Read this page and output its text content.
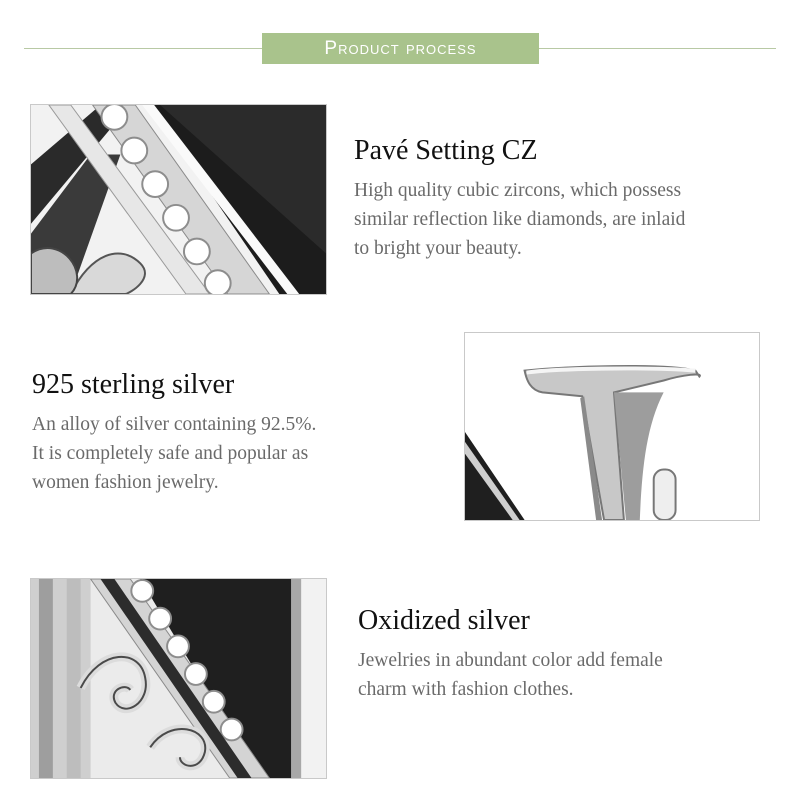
Product process
Pavé Setting CZ

High quality cubic zircons, which possess

similar reflection like diamonds, are inlaid

to bright your beauty.

925 sterling silver

An alloy of silver containing 92.5%.

It is completely safe and popular as

women fashion jewelry.

Oxidized silver

Jewelries in abundant color add female

charm with fashion clothes.
